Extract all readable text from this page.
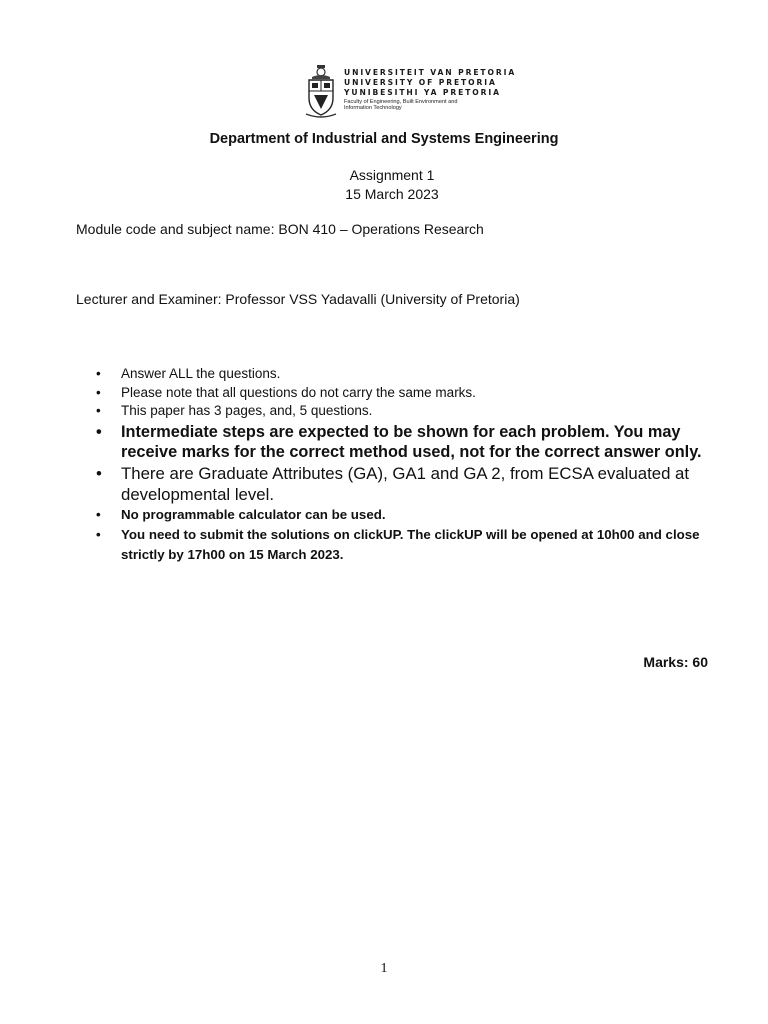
UNIVERSITEIT VAN PRETORIA
UNIVERSITY OF PRETORIA
YUNIBESITHI YA PRETORIA
Faculty of Engineering, Built Environment and Information Technology
Department of Industrial and Systems Engineering
Assignment 1
15 March 2023
Module code and subject name: BON 410 – Operations Research
Lecturer and Examiner: Professor VSS Yadavalli (University of Pretoria)
• Answer ALL the questions.
• Please note that all questions do not carry the same marks.
• This paper has 3 pages, and, 5 questions.
• Intermediate steps are expected to be shown for each problem. You may receive marks for the correct method used, not for the correct answer only.
• There are Graduate Attributes (GA), GA1 and GA 2, from ECSA evaluated at developmental level.
• No programmable calculator can be used.
• You need to submit the solutions on clickUP. The clickUP will be opened at 10h00 and close strictly by 17h00 on 15 March 2023.
Marks: 60
1
